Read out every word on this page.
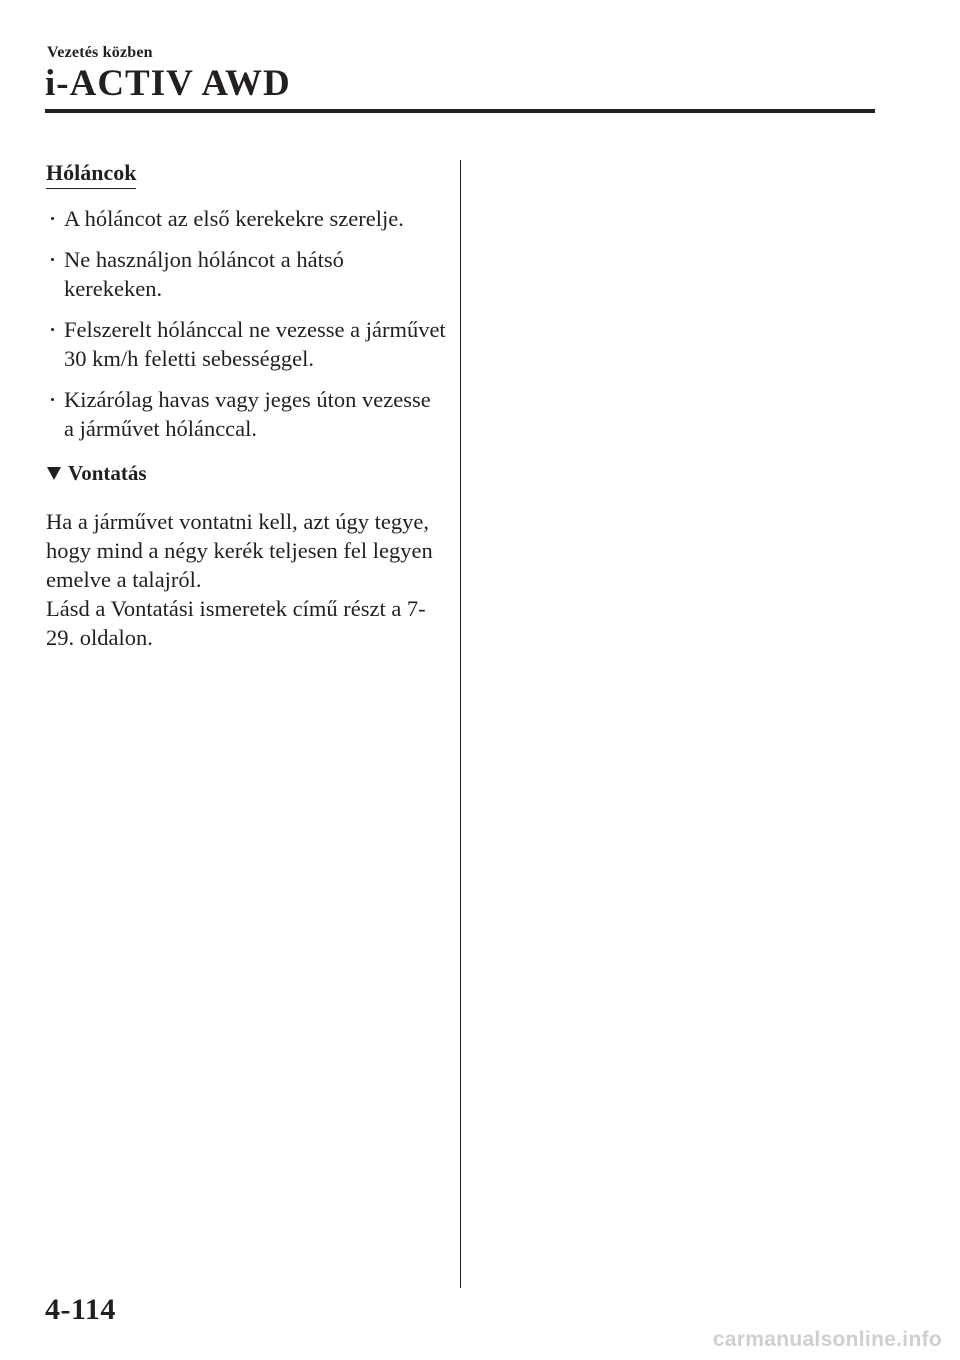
Vezetés közben
i-ACTIV AWD
Hóláncok
A hóláncot az első kerekekre szerelje.
Ne használjon hóláncot a hátsó kerekeken.
Felszerelt hólánccal ne vezesse a járművet 30 km/h feletti sebességgel.
Kizárólag havas vagy jeges úton vezesse a járművet hólánccal.
Vontatás

Ha a járművet vontatni kell, azt úgy tegye, hogy mind a négy kerék teljesen fel legyen emelve a talajról.

Lásd a Vontatási ismeretek című részt a 7-29. oldalon.

4-114
carmanualsonline.info
